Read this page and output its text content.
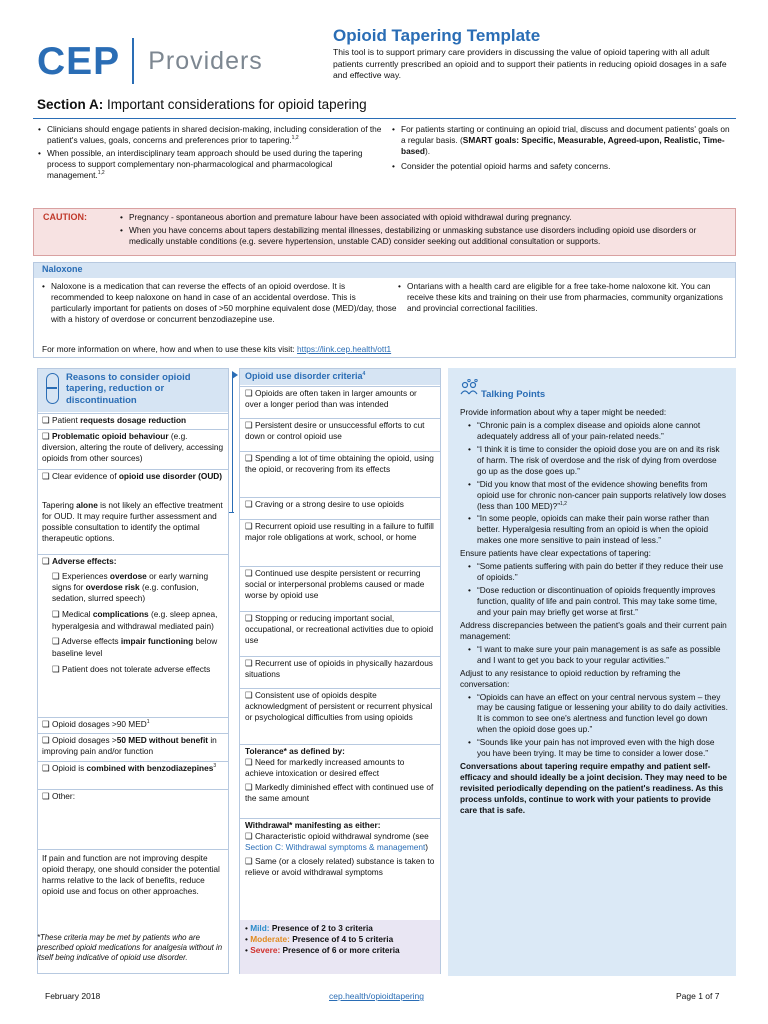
CEP Providers
Opioid Tapering Template
This tool is to support primary care providers in discussing the value of opioid tapering with all adult patients currently prescribed an opioid and to support their patients in reducing opioid dosages in a safe and effective way.
Section A: Important considerations for opioid tapering
• Clinicians should engage patients in shared decision-making, including consideration of the patient's values, goals, concerns and preferences prior to tapering.$^{1,2}$
• When possible, an interdisciplinary team approach should be used during the tapering process to support complementary non-pharmacological and pharmacological management.$^{1,2}$
• For patients starting or continuing an opioid trial, discuss and document patients' goals on a regular basis. (SMART goals: Specific, Measurable, Agreed-upon, Realistic, Time-based).
• Consider the potential opioid harms and safety concerns.
CAUTION:
•	Pregnancy - spontaneous abortion and premature labour have been associated with opioid withdrawal during pregnancy.
• When you have concerns about tapers destabilizing mental illnesses, destabilizing or unmasking substance use disorders including opioid use disorders or medically unstable conditions (e.g. severe hypertension, unstable CAD) consider seeking out additional consultation or supports.
Naloxone
• Naloxone is a medication that can reverse the effects of an opioid overdose. It is recommended to keep naloxone on hand in case of an accidental overdose. This is particularly important for patients on doses of >50 morphine equivalent dose (MED)/day, those with a history of overdose or concurrent benzodiazepine use.
• Ontarians with a health card are eligible for a free take-home naloxone kit. You can receive these kits and training on their use from pharmacies, community organizations and provincial correctional facilities.
For more information on where, how and when to use these kits visit: https://link.cep.health/ott1
Reasons to consider opioid tapering, reduction or discontinuation
❑ Patient requests dosage reduction
❑ Problematic opioid behaviour (e.g. diversion, altering the route of delivery, accessing opioids from other sources)
❑ Clear evidence of opioid use disorder (OUD)
Tapering alone is not likely an effective treatment for OUD. It may require further assessment and possible consultation to identify the optimal therapeutic options.
❑ Adverse effects:
❑ Experiences overdose or early warning signs for overdose risk (e.g. confusion, sedation, slurred speech)
❑ Medical complications (e.g. sleep apnea, hyperalgesia and withdrawal mediated pain)
❑ Adverse effects impair functioning below baseline level
❑ Patient does not tolerate adverse effects
❑ Opioid dosages >90 MED$^1$
❑ Opioid dosages >50 MED without benefit in improving pain and/or function
❑ Opioid is combined with benzodiazepines$^3$
❑ Other:
If pain and function are not improving despite opioid therapy, one should consider the potential harms relative to the lack of benefits, reduce opioid use and focus on other approaches.
*These criteria may be met by patients who are prescribed opioid medications for analgesia without in itself being indicative of opioid use disorder.
Opioid use disorder criteria$^4$
❑ Opioids are often taken in larger amounts or over a longer period than was intended
❑ Persistent desire or unsuccessful efforts to cut down or control opioid use
❑ Spending a lot of time obtaining the opioid, using the opioid, or recovering from its effects
❑ Craving or a strong desire to use opioids
❑ Recurrent opioid use resulting in a failure to fulfill major role obligations at work, school, or home
❑ Continued use despite persistent or recurring social or interpersonal problems caused or made worse by opioid use
❑ Stopping or reducing important social, occupational, or recreational activities due to opioid use
❑ Recurrent use of opioids in physically hazardous situations
❑ Consistent use of opioids despite acknowledgment of persistent or recurrent physical or psychological difficulties from using opioids
Tolerance* as defined by:
❑ Need for markedly increased amounts to achieve intoxication or desired effect
❑ Markedly diminished effect with continued use of the same amount
Withdrawal* manifesting as either:
❑ Characteristic opioid withdrawal syndrome (see Section C: Withdrawal symptoms & management)
❑ Same (or a closely related) substance is taken to relieve or avoid withdrawal symptoms
• Mild: Presence of 2 to 3 criteria
• Moderate: Presence of 4 to 5 criteria
• Severe: Presence of 6 or more criteria
Talking Points

Provide information about why a taper might be needed:

• “Chronic pain is a complex disease and opioids alone cannot adequately address all of your pain-related needs.”
• “I think it is time to consider the opioid dose you are on and its risk of harm. The risk of overdose and the risk of dying from overdose go up as the dose goes up.”
• “Did you know that most of the evidence showing benefits from opioid use for chronic non-cancer pain supports relatively low doses (less than 100 MED)?”$^{1,2}$
• “In some people, opioids can make their pain worse rather than better. Hyperalgesia resulting from an opioid is when the opioid makes one more sensitive to pain instead of less.”

Ensure patients have clear expectations of tapering:

• “Some patients suffering with pain do better if they reduce their use of opioids.”
• “Dose reduction or discontinuation of opioids frequently improves function, quality of life and pain control. This may take some time, and your pain may briefly get worse at first.”

Address discrepancies between the patient's goals and their current pain management:

• “I want to make sure your pain management is as safe as possible and I want to get you back to your regular activities.”

Adjust to any resistance to opioid reduction by reframing the conversation:

• “Opioids can have an effect on your central nervous system – they may be causing fatigue or lessening your ability to do daily activities. It is common to see one's alertness and function level go down when the opioid dose goes up.”
• “Sounds like your pain has not improved even with the high dose you have been trying. It may be time to consider a lower dose.”

Conversations about tapering require empathy and patient self-efficacy and should ideally be a joint decision. They may need to be revisited periodically depending on the patient's readiness. As this process unfolds, continue to work with your patients to provide care that is safe.

February 2018	cep.health/opioidtapering	Page 1 of 7
